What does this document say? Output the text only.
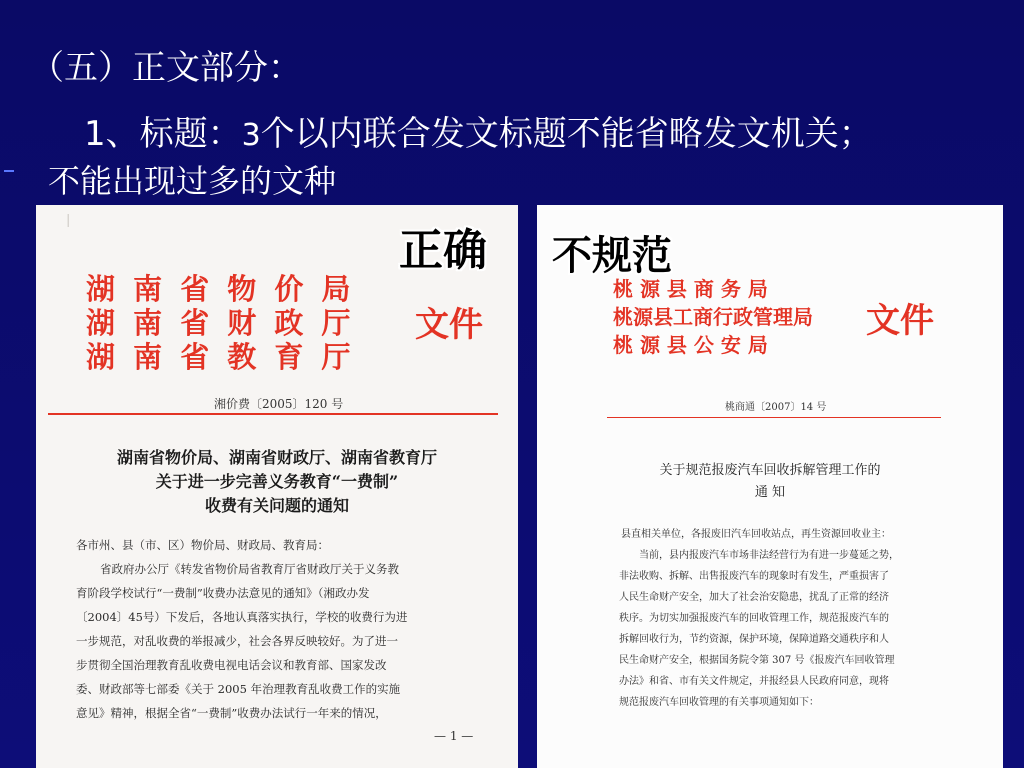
（五）正文部分：
1、标题：3个以内联合发文标题不能省略发文机关；
不能出现过多的文种
|
湖 南 省 物 价 局
湖 南 省 财 政 厅
湖 南 省 教 育 厅
文件
湘价费〔2005〕120 号
湖南省物价局、湖南省财政厅、湖南省教育厅
关于进一步完善义务教育“一费制”
收费有关问题的通知
各市州、县（市、区）物价局、财政局、教育局：
省政府办公厅《转发省物价局省教育厅省财政厅关于义务教
育阶段学校试行“一费制”收费办法意见的通知》（湘政办发
〔2004〕45号）下发后，各地认真落实执行，学校的收费行为进
一步规范，对乱收费的举报减少，社会各界反映较好。为了进一
步贯彻全国治理教育乱收费电视电话会议和教育部、国家发改
委、财政部等七部委《关于 2005 年治理教育乱收费工作的实施
意见》精神，根据全省“一费制”收费办法试行一年来的情况，
— 1 —
桃 源 县 商 务 局
桃源县工商行政管理局
桃 源 县 公 安 局
文件
桃商通〔2007〕14 号
关于规范报废汽车回收拆解管理工作的
通 知
县直相关单位，各报废旧汽车回收站点，再生资源回收业主：
当前，县内报废汽车市场非法经营行为有进一步蔓延之势，
非法收购、拆解、出售报废汽车的现象时有发生，严重损害了
人民生命财产安全，加大了社会治安隐患，扰乱了正常的经济
秩序。为切实加强报废汽车的回收管理工作，规范报废汽车的
拆解回收行为，节约资源，保护环境，保障道路交通秩序和人
民生命财产安全，根据国务院令第 307 号《报废汽车回收管理
办法》和省、市有关文件规定，并报经县人民政府同意，现将
规范报废汽车回收管理的有关事项通知如下：
正确 不规范
